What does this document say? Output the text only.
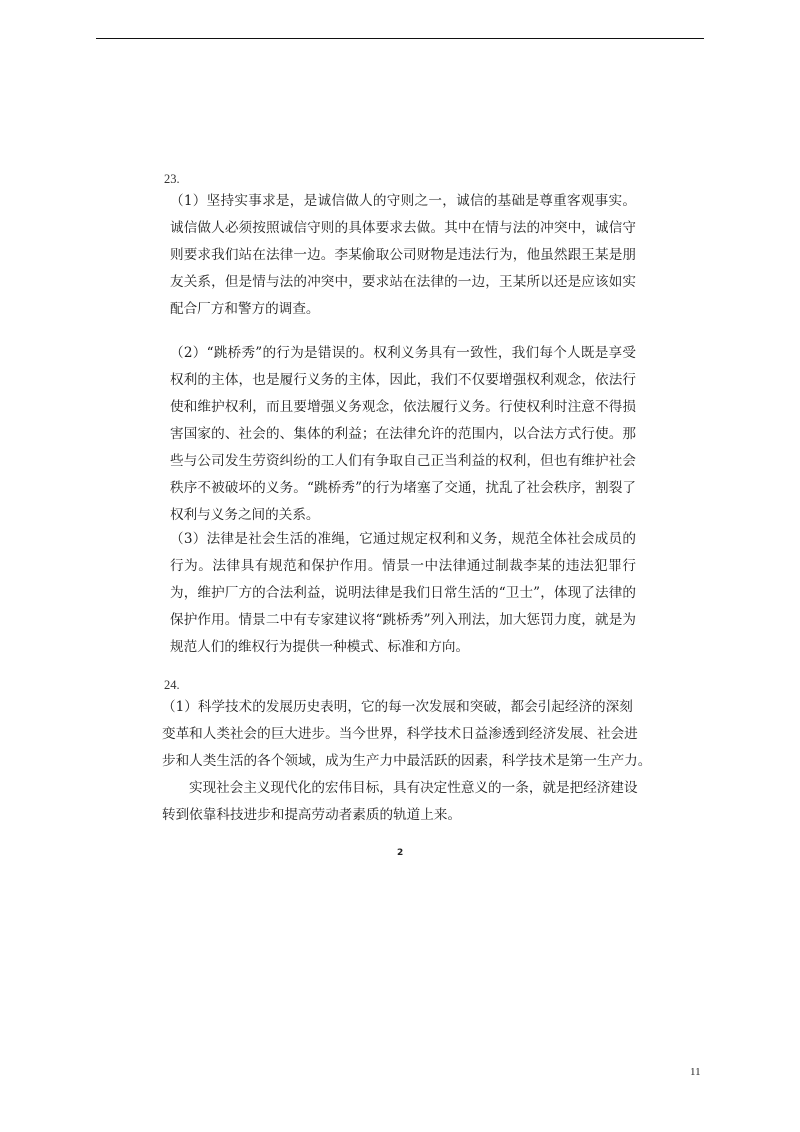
23.

（1）坚持实事求是，是诚信做人的守则之一，诚信的基础是尊重客观事实。诚信做人必须按照诚信守则的具体要求去做。其中在情与法的冲突中，诚信守则要求我们站在法律一边。李某偷取公司财物是违法行为，他虽然跟王某是朋友关系，但是情与法的冲突中，要求站在法律的一边，王某所以还是应该如实配合厂方和警方的调查。

（2）“跳桥秀”的行为是错误的。权利义务具有一致性，我们每个人既是享受权利的主体，也是履行义务的主体，因此，我们不仅要增强权利观念，依法行使和维护权利，而且要增强义务观念，依法履行义务。行使权利时注意不得损害国家的、社会的、集体的利益；在法律允许的范围内，以合法方式行使。那些与公司发生劳资纠纷的工人们有争取自己正当利益的权利，但也有维护社会秩序不被破坏的义务。“跳桥秀”的行为堵塞了交通，扰乱了社会秩序，割裂了权利与义务之间的关系。

（3）法律是社会生活的准绳，它通过规定权利和义务，规范全体社会成员的行为。法律具有规范和保护作用。情景一中法律通过制裁李某的违法犯罪行为，维护厂方的合法利益，说明法律是我们日常生活的“卫士”，体现了法律的保护作用。情景二中有专家建议将“跳桥秀”列入刑法，加大惩罚力度，就是为规范人们的维权行为提供一种模式、标准和方向。

24.
（1）科学技术的发展历史表明，它的每一次发展和突破，都会引起经济的深刻
变革和人类社会的巨大进步。当今世界，科学技术日益渗透到经济发展、社会进
步和人类生活的各个领域，成为生产力中最活跃的因素，科学技术是第一生产力。
实现社会主义现代化的宏伟目标，具有决定性意义的一条，就是把经济建设
转到依靠科技进步和提高劳动者素质的轨道上来。
2
11
